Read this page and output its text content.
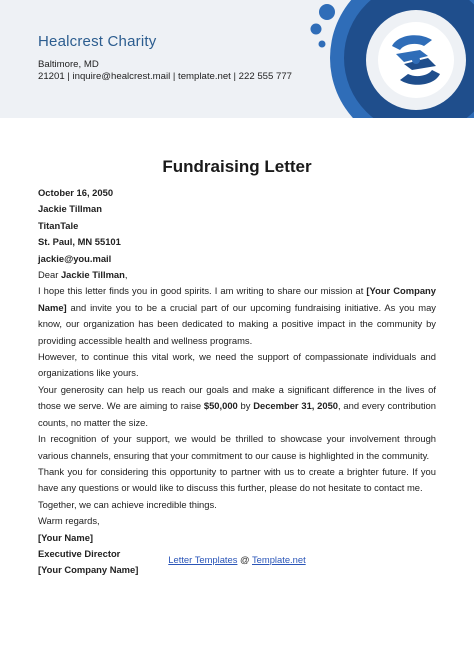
Healcrest Charity
Baltimore, MD
21201 | inquire@healcrest.mail | template.net | 222 555 777
Fundraising Letter

October 16, 2050

Jackie Tillman

TitanTale

St. Paul, MN 55101

jackie@you.mail

Dear Jackie Tillman,

I hope this letter finds you in good spirits. I am writing to share our mission at [Your Company Name] and invite you to be a crucial part of our upcoming fundraising initiative. As you may know, our organization has been dedicated to making a positive impact in the community by providing accessible health and wellness programs.

However, to continue this vital work, we need the support of compassionate individuals and organizations like yours.

Your generosity can help us reach our goals and make a significant difference in the lives of those we serve. We are aiming to raise $50,000 by December 31, 2050, and every contribution counts, no matter the size.

In recognition of your support, we would be thrilled to showcase your involvement through various channels, ensuring that your commitment to our cause is highlighted in the community.

Thank you for considering this opportunity to partner with us to create a brighter future. If you have any questions or would like to discuss this further, please do not hesitate to contact me.

Together, we can achieve incredible things.

Warm regards,

[Your Name]

Executive Director

[Your Company Name]

Letter Templates @ Template.net
